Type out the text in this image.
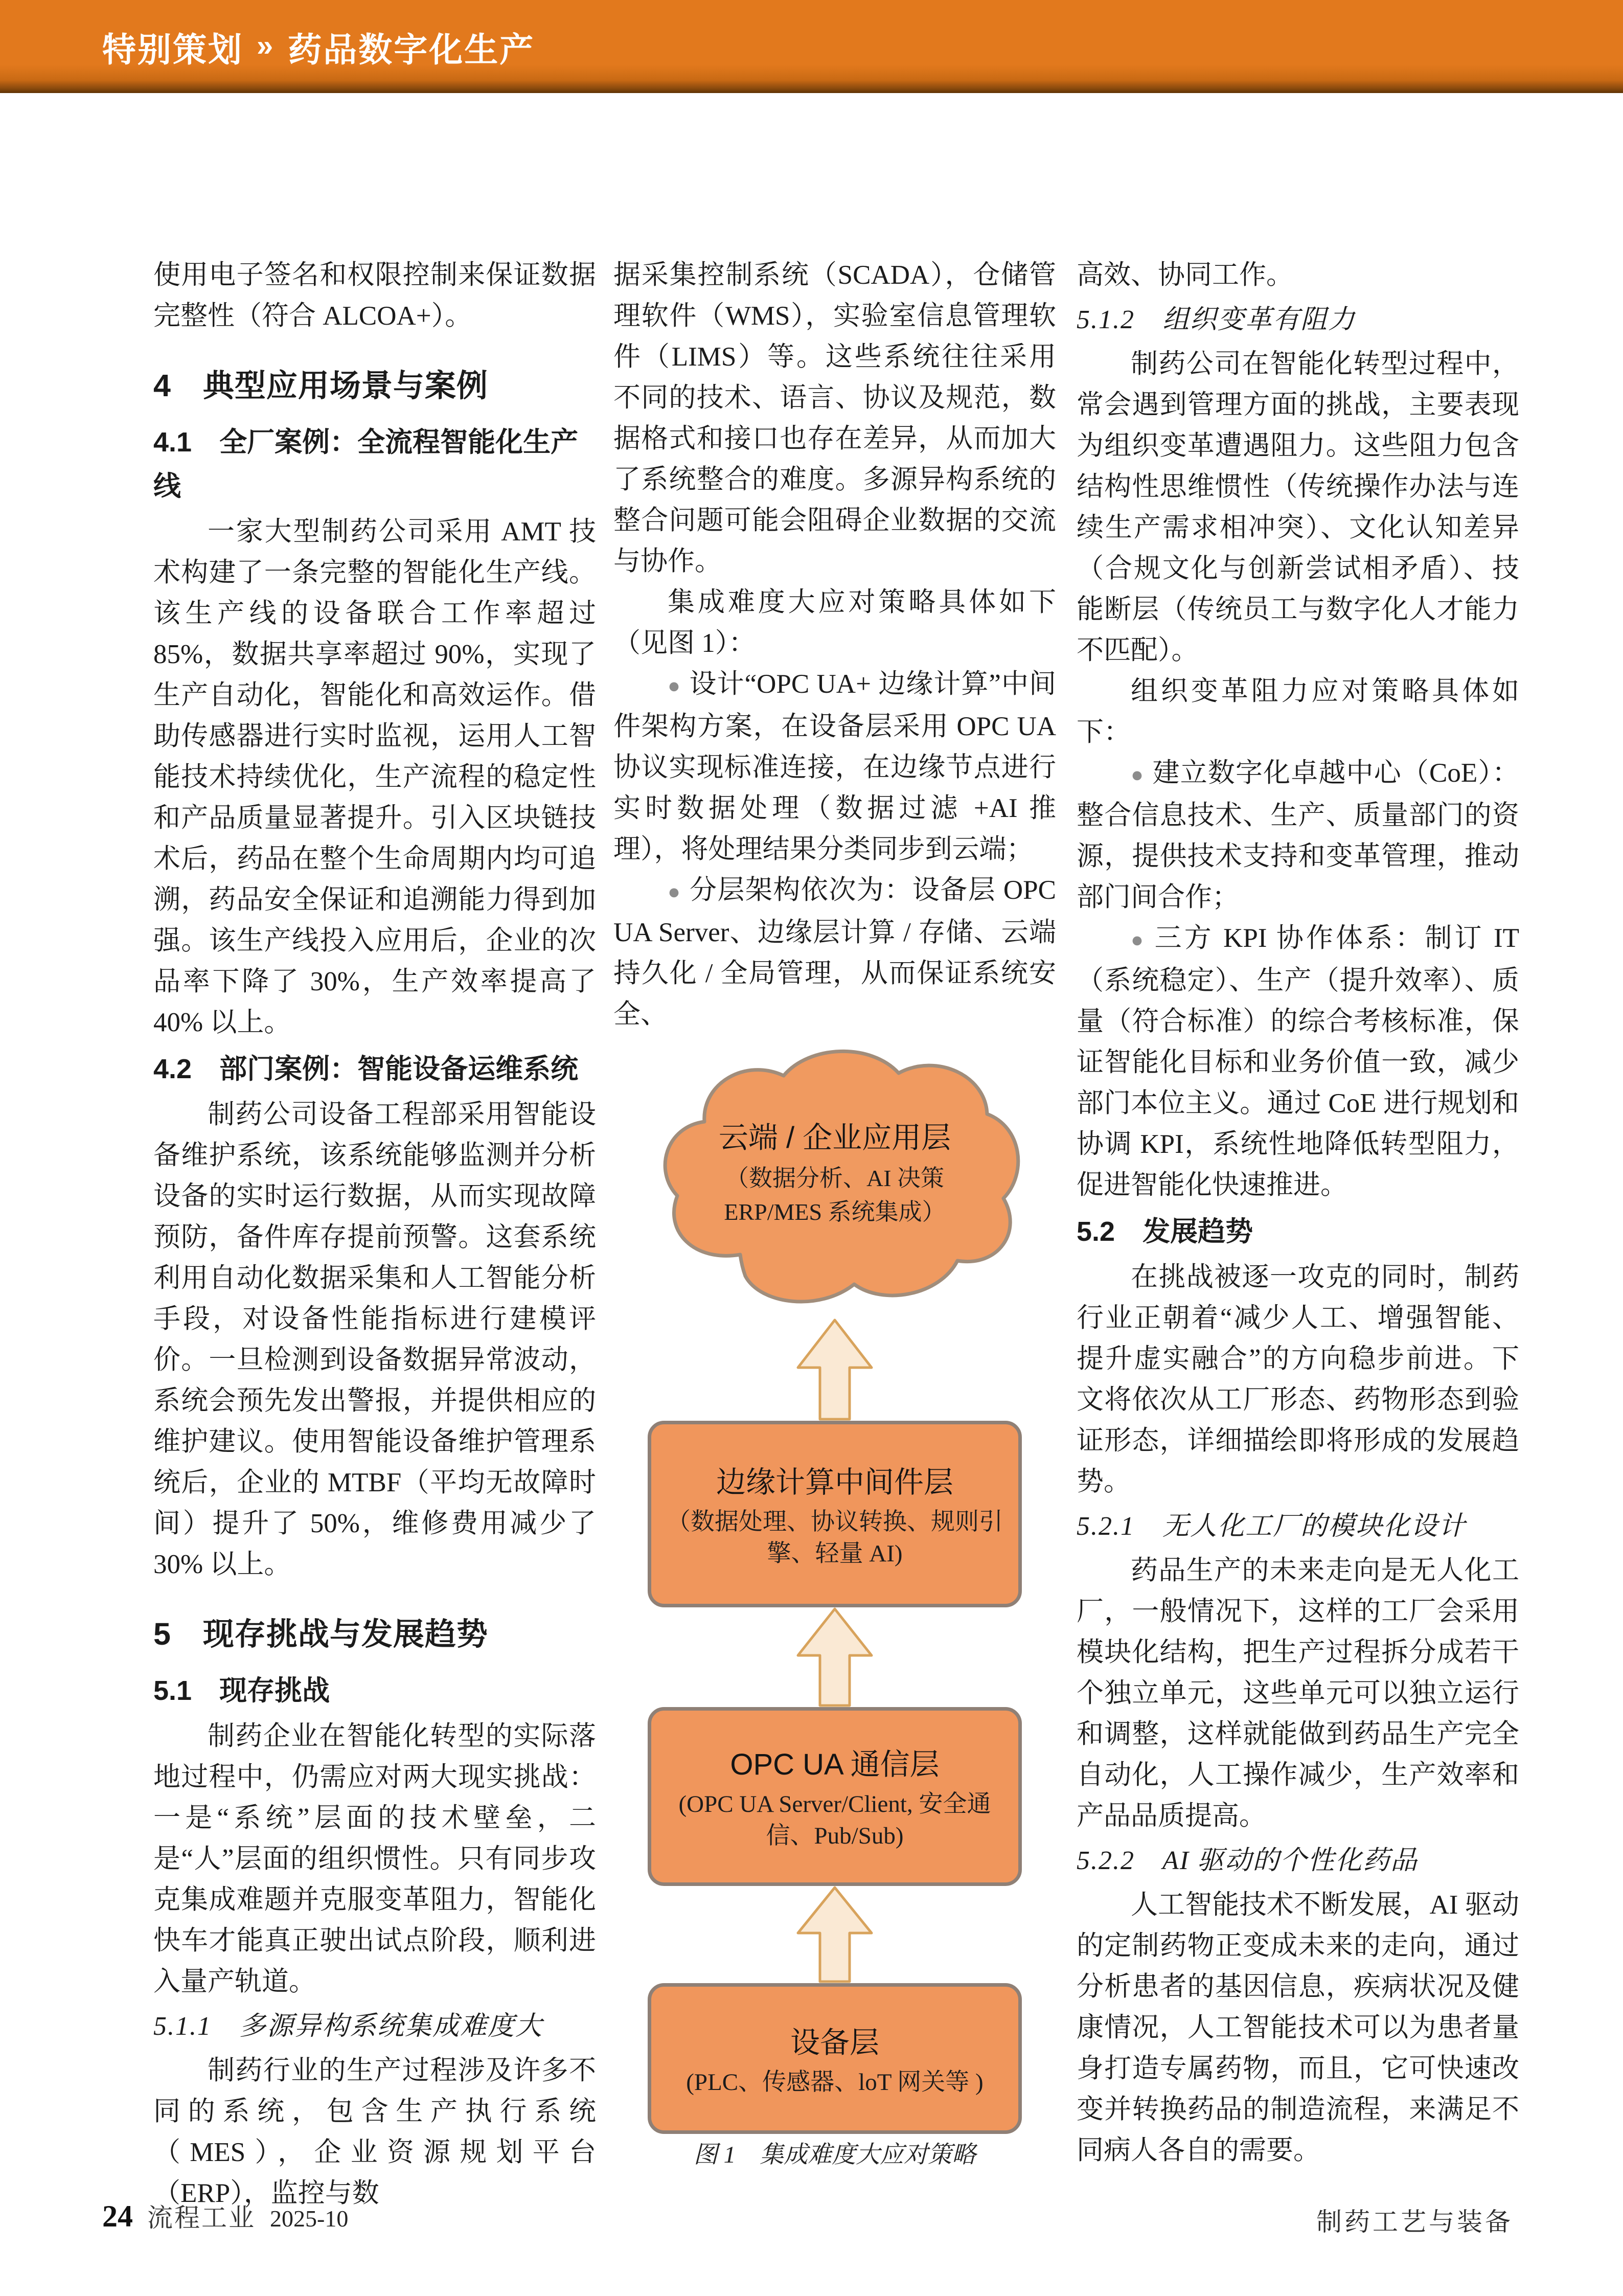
特别策划 » 药品数字化生产
使用电子签名和权限控制来保证数据完整性（符合 ALCOA+）。
4　典型应用场景与案例
4.1　全厂案例：全流程智能化生产线
一家大型制药公司采用 AMT 技术构建了一条完整的智能化生产线。该生产线的设备联合工作率超过 85%，数据共享率超过 90%，实现了生产自动化，智能化和高效运作。借助传感器进行实时监视，运用人工智能技术持续优化，生产流程的稳定性和产品质量显著提升。引入区块链技术后，药品在整个生命周期内均可追溯，药品安全保证和追溯能力得到加强。该生产线投入应用后，企业的次品率下降了 30%，生产效率提高了 40% 以上。
4.2　部门案例：智能设备运维系统
制药公司设备工程部采用智能设备维护系统，该系统能够监测并分析设备的实时运行数据，从而实现故障预防，备件库存提前预警。这套系统利用自动化数据采集和人工智能分析手段，对设备性能指标进行建模评价。一旦检测到设备数据异常波动，系统会预先发出警报，并提供相应的维护建议。使用智能设备维护管理系统后，企业的 MTBF（平均无故障时间）提升了 50%，维修费用减少了 30% 以上。
5　现存挑战与发展趋势
5.1　现存挑战
制药企业在智能化转型的实际落地过程中，仍需应对两大现实挑战：一是“系统”层面的技术壁垒，二是“人”层面的组织惯性。只有同步攻克集成难题并克服变革阻力，智能化快车才能真正驶出试点阶段，顺利进入量产轨道。
5.1.1　多源异构系统集成难度大
制药行业的生产过程涉及许多不同的系统，包含生产执行系统（MES），企业资源规划平台（ERP），监控与数
据采集控制系统（SCADA），仓储管理软件（WMS），实验室信息管理软件（LIMS）等。这些系统往往采用不同的技术、语言、协议及规范，数据格式和接口也存在差异，从而加大了系统整合的难度。多源异构系统的整合问题可能会阻碍企业数据的交流与协作。
集成难度大应对策略具体如下（见图 1）：
● 设计“OPC UA+ 边缘计算”中间件架构方案，在设备层采用 OPC UA 协议实现标准连接，在边缘节点进行实时数据处理（数据过滤 +AI 推理），将处理结果分类同步到云端；
● 分层架构依次为：设备层 OPC UA Server、边缘层计算 / 存储、云端持久化 / 全局管理，从而保证系统安全、
云端 / 企业应用层
（数据分析、AI 决策
ERP/MES 系统集成）
边缘计算中间件层
（数据处理、协议转换、规则引擎、轻量 AI)
OPC UA 通信层
(OPC UA Server/Client, 安全通信、Pub/Sub)
设备层
(PLC、传感器、loT 网关等 )
图 1　集成难度大应对策略
高效、协同工作。
5.1.2　组织变革有阻力
制药公司在智能化转型过程中，常会遇到管理方面的挑战，主要表现为组织变革遭遇阻力。这些阻力包含结构性思维惯性（传统操作办法与连续生产需求相冲突）、文化认知差异（合规文化与创新尝试相矛盾）、技能断层（传统员工与数字化人才能力不匹配）。
组织变革阻力应对策略具体如下：
● 建立数字化卓越中心（CoE）：整合信息技术、生产、质量部门的资源，提供技术支持和变革管理，推动部门间合作；
● 三方 KPI 协作体系：制订 IT（系统稳定）、生产（提升效率）、质量（符合标准）的综合考核标准，保证智能化目标和业务价值一致，减少部门本位主义。通过 CoE 进行规划和协调 KPI，系统性地降低转型阻力，促进智能化快速推进。
5.2　发展趋势
在挑战被逐一攻克的同时，制药行业正朝着“减少人工、增强智能、提升虚实融合”的方向稳步前进。下文将依次从工厂形态、药物形态到验证形态，详细描绘即将形成的发展趋势。
5.2.1　无人化工厂的模块化设计
药品生产的未来走向是无人化工厂，一般情况下，这样的工厂会采用模块化结构，把生产过程拆分成若干个独立单元，这些单元可以独立运行和调整，这样就能做到药品生产完全自动化，人工操作减少，生产效率和产品品质提高。
5.2.2　AI 驱动的个性化药品
人工智能技术不断发展，AI 驱动的定制药物正变成未来的走向，通过分析患者的基因信息，疾病状况及健康情况，人工智能技术可以为患者量身打造专属药物，而且，它可快速改变并转换药品的制造流程，来满足不同病人各自的需要。
24 流程工业 2025-10	制药工艺与装备
